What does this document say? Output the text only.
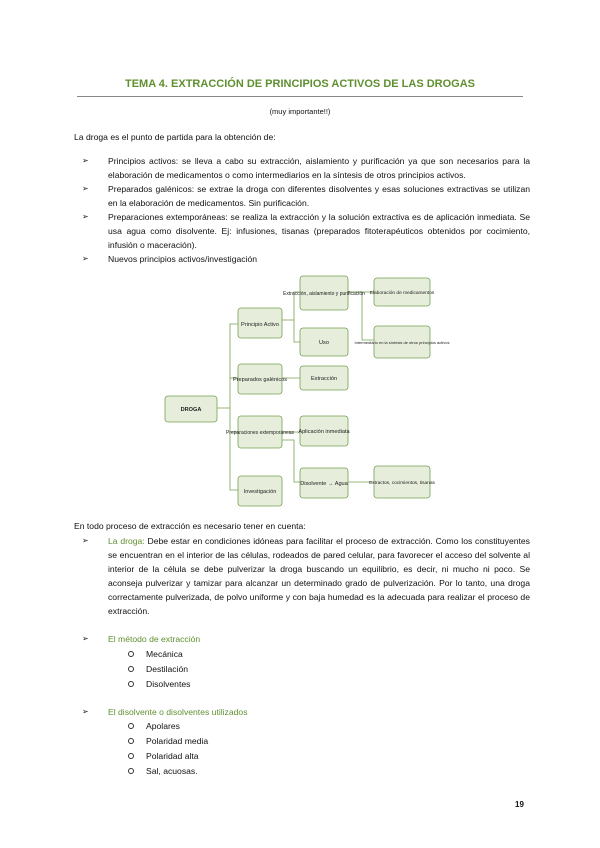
TEMA 4. EXTRACCIÓN DE PRINCIPIOS ACTIVOS DE LAS DROGAS
(muy importante!!)
La droga es el punto de partida para la obtención de:
➢ Principios activos: se lleva a cabo su extracción, aislamiento y purificación ya que son necesarios para la elaboración de medicamentos o como intermediarios en la síntesis de otros principios activos.
➢ Preparados galénicos: se extrae la droga con diferentes disolventes y esas soluciones extractivas se utilizan en la elaboración de medicamentos. Sin purificación.
➢ Preparaciones extemporáneas: se realiza la extracción y la solución extractiva es de aplicación inmediata. Se usa agua como disolvente. Ej: infusiones, tisanas (preparados fitoterapéuticos obtenidos por cocimiento, infusión o maceración).
➢ Nuevos principios activos/investigación
DROGA
Principio Activo
Preparados galénicos
Preparaciones extemporáneas
Investigación
Extracción, aislamiento y purificación
Uso
Extracción
Aplicación inmediata
Disolvente → Agua
Elaboración de medicamentos
Intermediario en la síntesis de otros principios activos
Extractos, cocimientos, tisanas
En todo proceso de extracción es necesario tener en cuenta:
➢ La droga: Debe estar en condiciones idóneas para facilitar el proceso de extracción. Como los constituyentes se encuentran en el interior de las células, rodeados de pared celular, para favorecer el acceso del solvente al interior de la célula se debe pulverizar la droga buscando un equilibrio, es decir, ni mucho ni poco. Se aconseja pulverizar y tamizar para alcanzar un determinado grado de pulverización. Por lo tanto, una droga correctamente pulverizada, de polvo uniforme y con baja humedad es la adecuada para realizar el proceso de extracción.
➢ El método de extracción
Mecánica
Destilación
Disolventes
➢ El disolvente o disolventes utilizados
Apolares
Polaridad media
Polaridad alta
Sal, acuosas.
19
